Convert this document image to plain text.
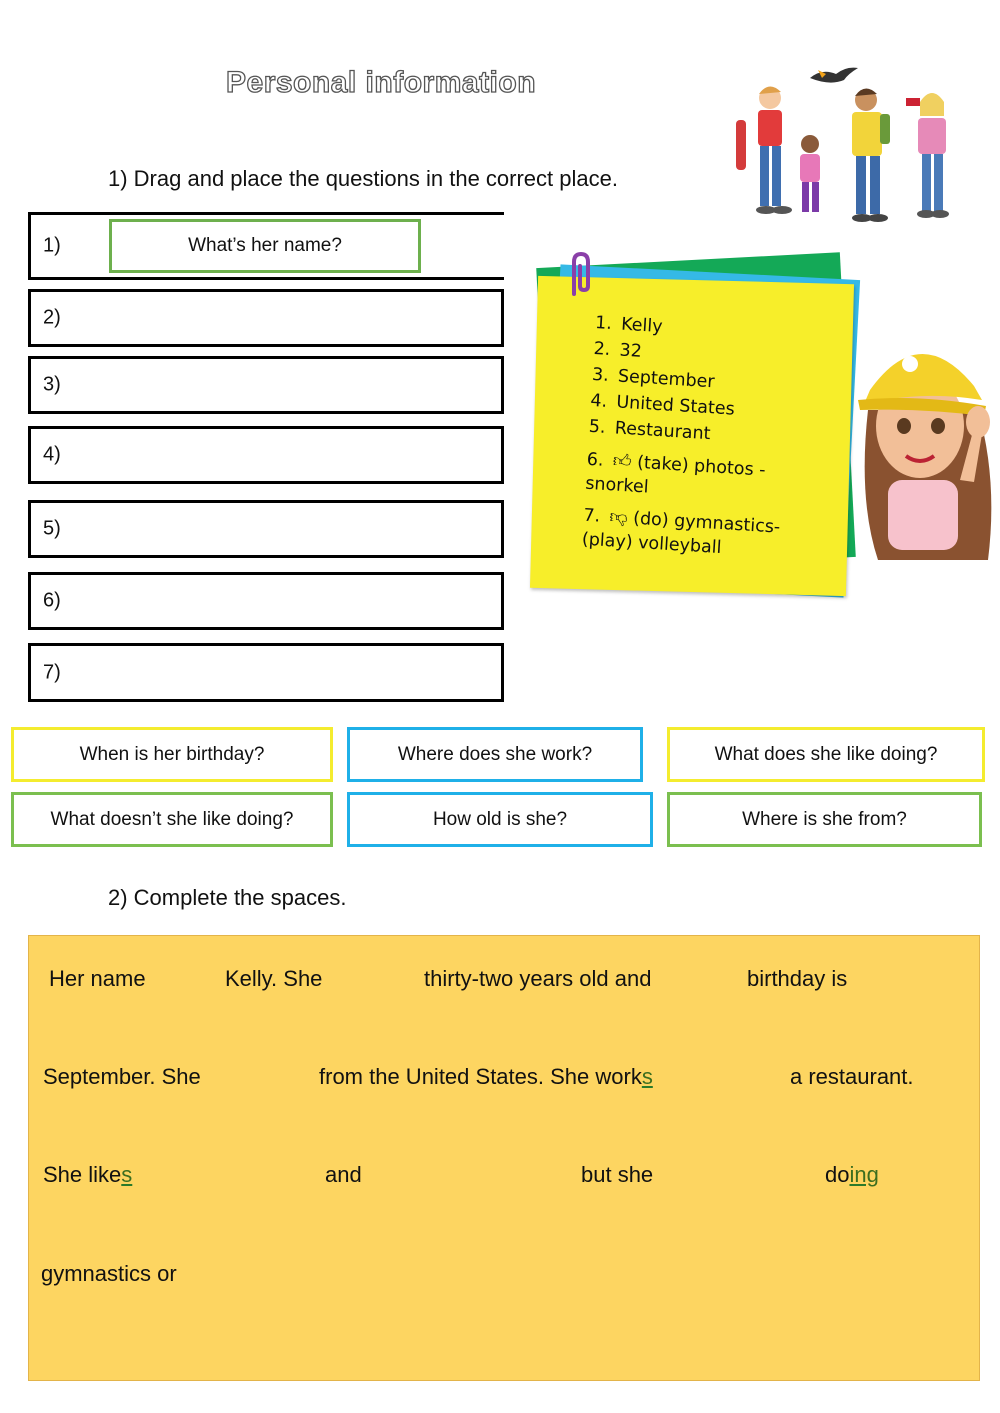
Personal information
1) Drag and place the questions in the correct place.
1)	What’s her name?
2)
3)
4)
5)
6)
7)
1. Kelly
2. 32
3. September
4. United States
5. Restaurant
6. 👍︎ (take) photos -
snorkel
7. 👎︎ (do) gymnastics-
(play) volleyball
When is her birthday?	Where does she work?	What does she like doing?
What doesn’t she like doing?	How old is she?	Where is she from?
2) Complete the spaces.
Her name	Kelly. She	thirty-two years old and	birthday is
September. She	from the United States. She works	a restaurant.
She likes	and	but she	doing
gymnastics or
